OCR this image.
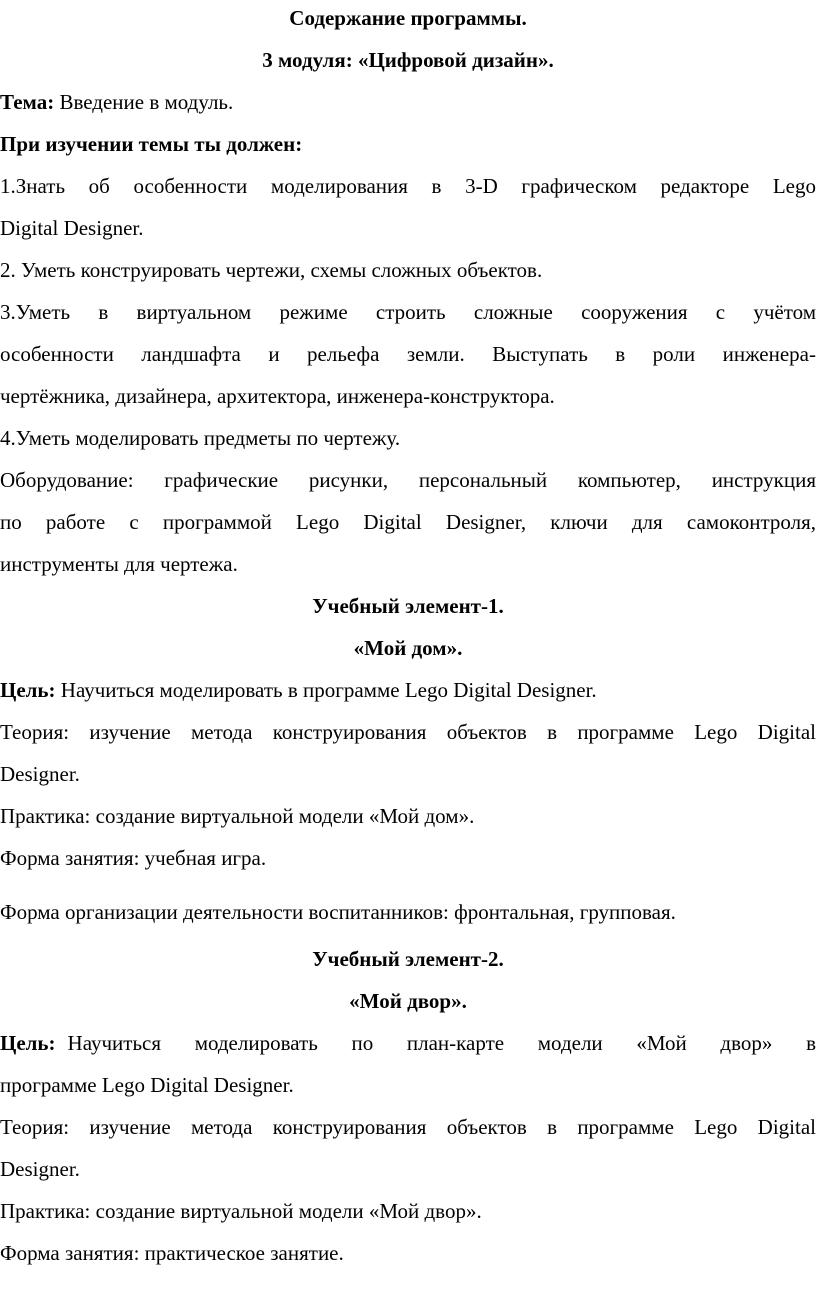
Содержание программы.
3 модуля: «Цифровой дизайн».
Тема: Введение в модуль.
При изучении темы ты должен:
1.Знать об особенности моделирования в 3-D графическом редакторе Lego
Digital Designer.
2. Уметь конструировать чертежи, схемы сложных объектов.
3.Уметь в виртуальном режиме строить сложные сооружения с учётом
особенности ландшафта и рельефа земли. Выступать в роли инженера-
чертёжника, дизайнера, архитектора, инженера-конструктора.
4.Уметь моделировать предметы по чертежу.
Оборудование: графические рисунки, персональный компьютер, инструкция
по работе с программой Lego Digital Designer, ключи для самоконтроля,
инструменты для чертежа.
Учебный элемент-1.
«Мой дом».
Цель: Научиться моделировать в программе Lego Digital Designer.
Теория: изучение метода конструирования объектов в программе Lego Digital
Designer.
Практика: создание виртуальной модели «Мой дом».
Форма занятия: учебная игра.
Форма организации деятельности воспитанников: фронтальная, групповая.
Учебный элемент-2.
«Мой двор».
Цель: Научиться моделировать по план-карте модели «Мой двор» в
программе Lego Digital Designer.
Теория: изучение метода конструирования объектов в программе Lego Digital
Designer.
Практика: создание виртуальной модели «Мой двор».
Форма занятия: практическое занятие.
